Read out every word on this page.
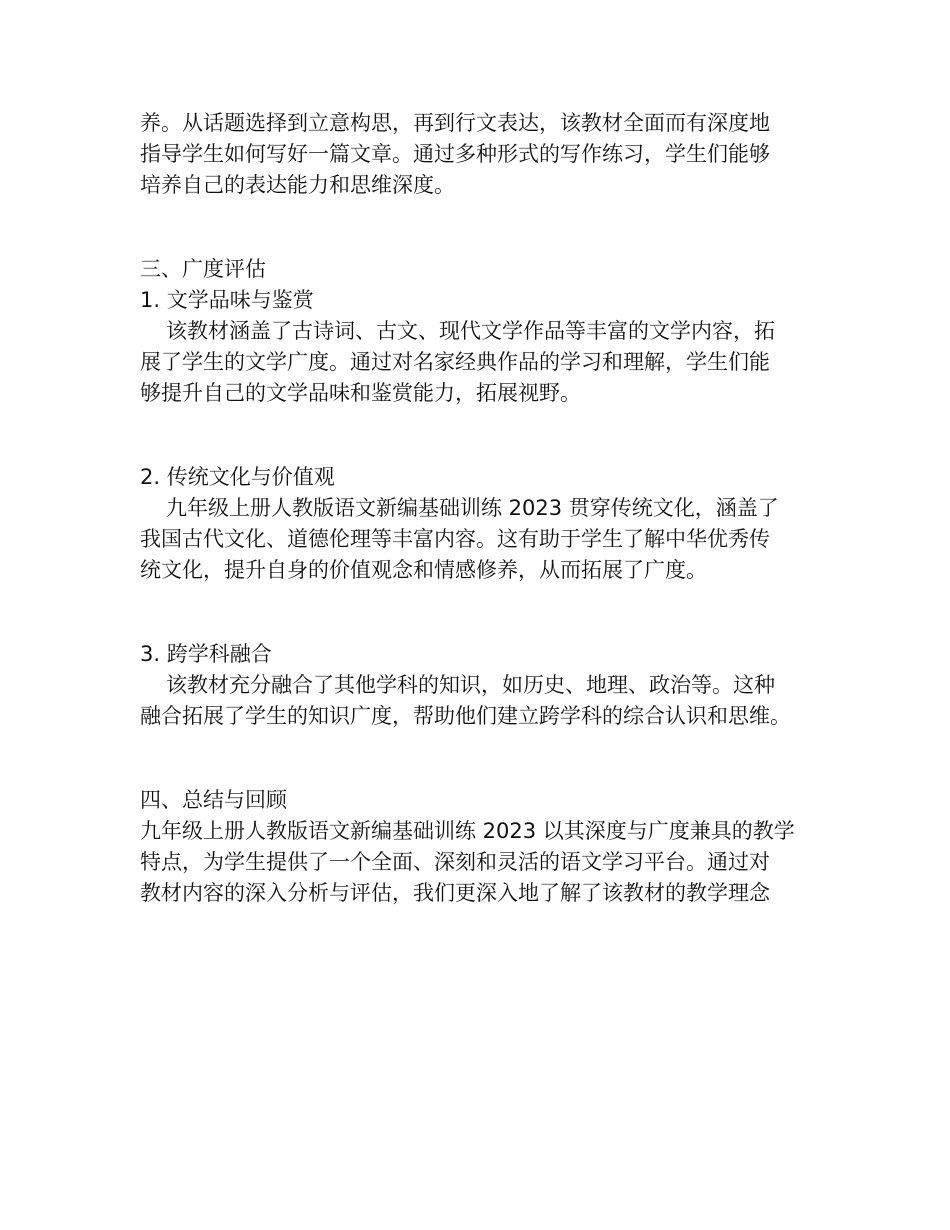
养。从话题选择到立意构思，再到行文表达，该教材全面而有深度地

指导学生如何写好一篇文章。通过多种形式的写作练习，学生们能够

培养自己的表达能力和思维深度。

三、广度评估

1. 文学品味与鉴赏

该教材涵盖了古诗词、古文、现代文学作品等丰富的文学内容，拓

展了学生的文学广度。通过对名家经典作品的学习和理解，学生们能

够提升自己的文学品味和鉴赏能力，拓展视野。

2. 传统文化与价值观

九年级上册人教版语文新编基础训练 2023 贯穿传统文化，涵盖了

我国古代文化、道德伦理等丰富内容。这有助于学生了解中华优秀传

统文化，提升自身的价值观念和情感修养，从而拓展了广度。

3. 跨学科融合

该教材充分融合了其他学科的知识，如历史、地理、政治等。这种

融合拓展了学生的知识广度，帮助他们建立跨学科的综合认识和思维。

四、总结与回顾

九年级上册人教版语文新编基础训练 2023 以其深度与广度兼具的教学

特点，为学生提供了一个全面、深刻和灵活的语文学习平台。通过对

教材内容的深入分析与评估，我们更深入地了解了该教材的教学理念
